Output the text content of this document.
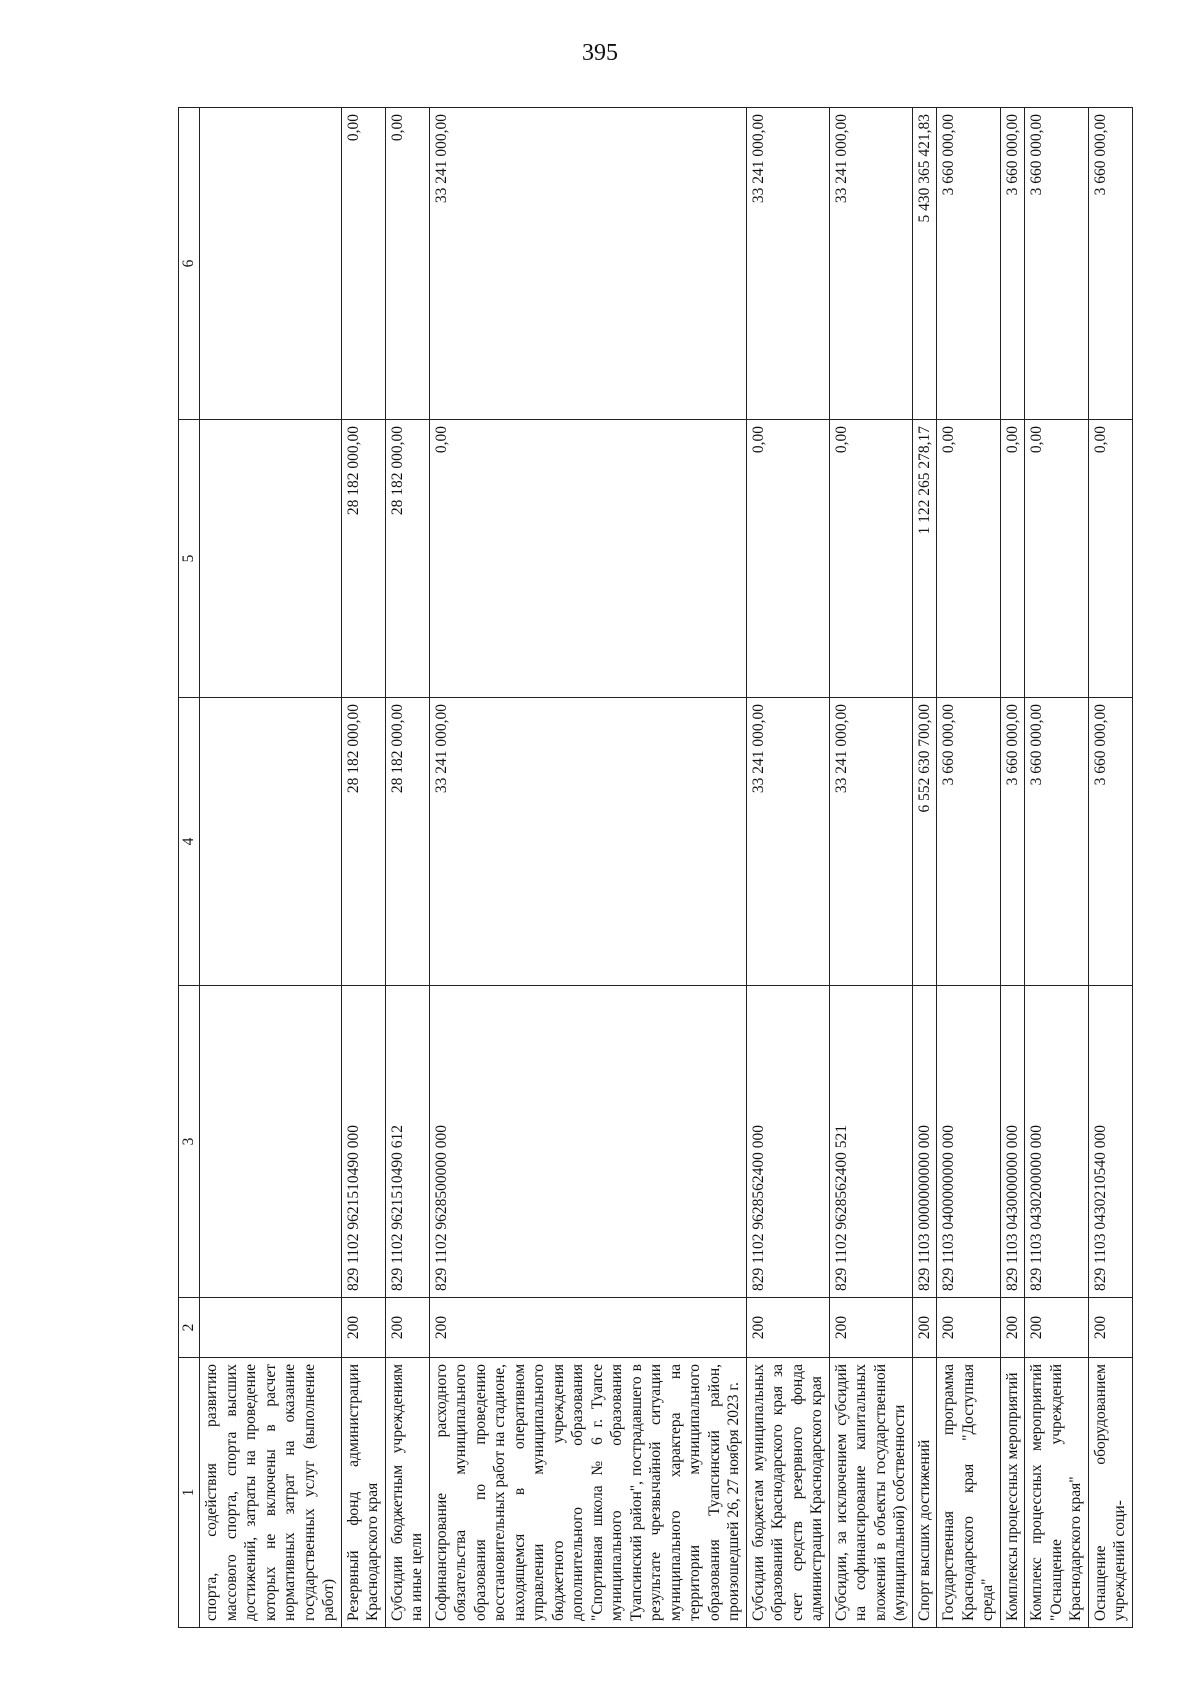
395
1	2	3	4	5	6
спорта, содействия развитию массового спорта, спорта высших достижений, затраты на проведение которых не включены в расчет нормативных затрат на оказание государственных услуг (выполнение работ)					
Резервный фонд администрации Краснодарского края	200	829 1102 9621510490 000	28 182 000,00	28 182 000,00	0,00
Субсидии бюджетным учреждениям на иные цели	200	829 1102 9621510490 612	28 182 000,00	28 182 000,00	0,00
Софинансирование расходного обязательства муниципального образования по проведению восстановительных работ на стадионе, находящемся в оперативном управлении муниципального бюджетного учреждения дополнительного образования "Спортивная школа № 6 г. Туапсе муниципального образования Туапсинский район", пострадавшего в результате чрезвычайной ситуации муниципального характера на территории муниципального образования Туапсинский район, произошедшей 26, 27 ноября 2023 г.	200	829 1102 9628500000 000	33 241 000,00	0,00	33 241 000,00
Субсидии бюджетам муниципальных образований Краснодарского края за счет средств резервного фонда администрации Краснодарского края	200	829 1102 9628562400 000	33 241 000,00	0,00	33 241 000,00
Субсидии, за исключением субсидий на софинансирование капитальных вложений в объекты государственной (муниципальной) собственности	200	829 1102 9628562400 521	33 241 000,00	0,00	33 241 000,00
Спорт высших достижений	200	829 1103 0000000000 000	6 552 630 700,00	1 122 265 278,17	5 430 365 421,83
Государственная программа Краснодарского края "Доступная среда"	200	829 1103 0400000000 000	3 660 000,00	0,00	3 660 000,00
Комплексы процессных мероприятий	200	829 1103 0430000000 000	3 660 000,00	0,00	3 660 000,00
Комплекс процессных мероприятий "Оснащение учреждений Краснодарского края"	200	829 1103 0430200000 000	3 660 000,00	0,00	3 660 000,00
Оснащение оборудованием учреждений соци-	200	829 1103 0430210540 000	3 660 000,00	0,00	3 660 000,00
